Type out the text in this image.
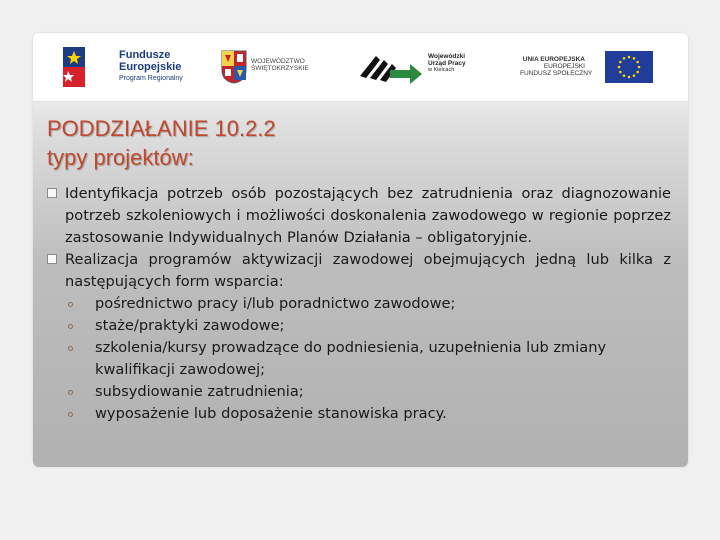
Fundusze
Europejskie
Program Regionalny
WOJEWÓDZTWO
ŚWIĘTOKRZYSKIE
Wojewódzki
Urząd Pracy
w Kielcach
UNIA EUROPEJSKA
EUROPEJSKI
FUNDUSZ SPOŁECZNY
PODDZIAŁANIE 10.2.2
typy projektów:
Identyfikacja potrzeb osób pozostających bez zatrudnienia oraz diagnozowanie potrzeb szkoleniowych i możliwości doskonalenia zawodowego w regionie poprzez zastosowanie Indywidualnych Planów Działania – obligatoryjnie.
Realizacja programów aktywizacji zawodowej obejmujących jedną lub kilka z następujących form wsparcia:
pośrednictwo pracy i/lub poradnictwo zawodowe;
staże/praktyki zawodowe;
szkolenia/kursy prowadzące do podniesienia, uzupełnienia lub zmiany kwalifikacji zawodowej;
subsydiowanie zatrudnienia;
wyposażenie lub doposażenie stanowiska pracy.
